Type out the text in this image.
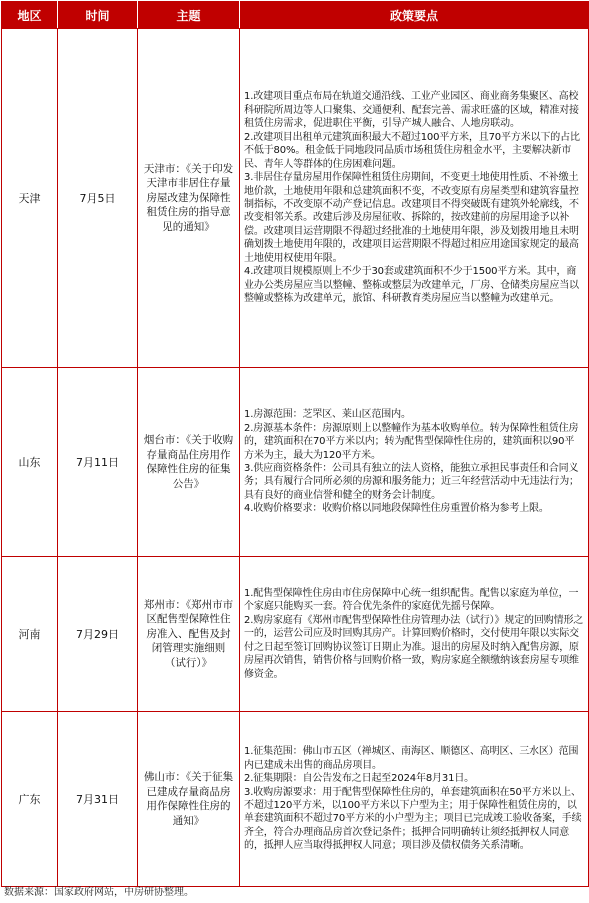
地区	时间	主题	政策要点
天津	7月5日	天津市：《关于印发天津市非居住存量房屋改建为保障性租赁住房的指导意见的通知》	1.改建项目重点布局在轨道交通沿线、工业产业园区、商业商务集聚区、高校科研院所周边等人口聚集、交通便利、配套完善、需求旺盛的区域，精准对接租赁住房需求，促进职住平衡，引导产城人融合、人地房联动。
2.改建项目出租单元建筑面积最大不超过100平方米，且70平方米以下的占比不低于80%。租金低于同地段同品质市场租赁住房租金水平，主要解决新市民、青年人等群体的住房困难问题。
3.非居住存量房屋用作保障性租赁住房期间，不变更土地使用性质、不补缴土地价款，土地使用年限和总建筑面积不变，不改变原有房屋类型和建筑容量控制指标，不改变原不动产登记信息。改建项目不得突破既有建筑外轮廓线，不改变相邻关系。改建后涉及房屋征收、拆除的，按改建前的房屋用途予以补偿。改建项目运营期限不得超过经批准的土地使用年限，涉及划拨用地且未明确划拨土地使用年限的，改建项目运营期限不得超过相应用途国家规定的最高土地使用权使用年限。
4.改建项目规模原则上不少于30套或建筑面积不少于1500平方米。其中，商业办公类房屋应当以整幢、整栋或整层为改建单元，厂房、仓储类房屋应当以整幢或整栋为改建单元，旅馆、科研教育类房屋应当以整幢为改建单元。

山东	7月11日	烟台市：《关于收购存量商品住房用作保障性住房的征集公告》	1.房源范围：芝罘区、莱山区范围内。
2.房源基本条件：房源原则上以整幢作为基本收购单位。转为保障性租赁住房的，建筑面积在70平方米以内；转为配售型保障性住房的，建筑面积以90平方米为主，最大为120平方米。
3.供应商资格条件：公司具有独立的法人资格，能独立承担民事责任和合同义务；具有履行合同所必须的房源和服务能力；近三年经营活动中无违法行为；具有良好的商业信誉和健全的财务会计制度。
4.收购价格要求：收购价格以同地段保障性住房重置价格为参考上限。

河南	7月29日	郑州市：《郑州市市区配售型保障性住房准入、配售及封闭管理实施细则（试行）》	1.配售型保障性住房由市住房保障中心统一组织配售。配售以家庭为单位，一个家庭只能购买一套。符合优先条件的家庭优先摇号保障。
2.购房家庭有《郑州市配售型保障性住房管理办法（试行）》规定的回购情形之一的，运营公司应及时回购其房产。计算回购价格时，交付使用年限以实际交付之日起至签订回购协议签订日期止为准。退出的房屋及时纳入配售房源，原房屋再次销售，销售价格与回购价格一致，购房家庭全额缴纳该套房屋专项维修资金。

广东	7月31日	佛山市：《关于征集已建成存量商品房用作保障性住房的通知》	1.征集范围：佛山市五区（禅城区、南海区、顺德区、高明区、三水区）范围内已建成未出售的商品房项目。
2.征集期限：自公告发布之日起至2024年8月31日。
3.收购房源要求：用于配售型保障性住房的，单套建筑面积在50平方米以上、不超过120平方米，以100平方米以下户型为主；用于保障性租赁住房的，以单套建筑面积不超过70平方米的小户型为主；项目已完成竣工验收备案，手续齐全，符合办理商品房首次登记条件；抵押合同明确转让须经抵押权人同意的，抵押人应当取得抵押权人同意；项目涉及债权债务关系清晰。
数据来源：国家政府网站，中房研协整理。
